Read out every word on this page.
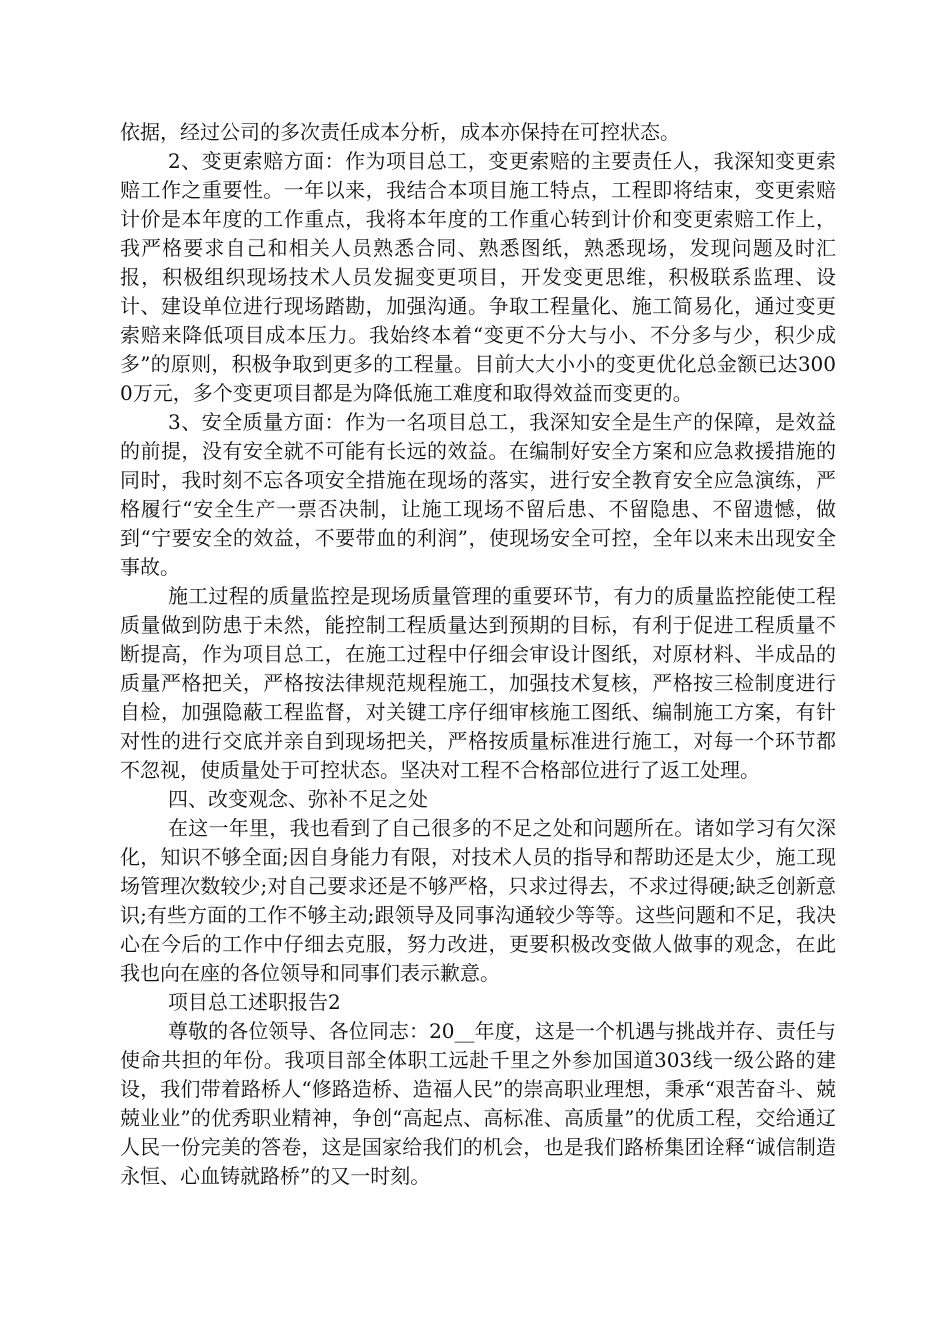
依据，经过公司的多次责任成本分析，成本亦保持在可控状态。

2、变更索赔方面：作为项目总工，变更索赔的主要责任人，我深知变更索赔工作之重要性。一年以来，我结合本项目施工特点，工程即将结束，变更索赔计价是本年度的工作重点，我将本年度的工作重心转到计价和变更索赔工作上，我严格要求自己和相关人员熟悉合同、熟悉图纸，熟悉现场，发现问题及时汇报，积极组织现场技术人员发掘变更项目，开发变更思维，积极联系监理、设计、建设单位进行现场踏勘，加强沟通。争取工程量化、施工简易化，通过变更索赔来降低项目成本压力。我始终本着“变更不分大与小、不分多与少，积少成多”的原则，积极争取到更多的工程量。目前大大小小的变更优化总金额已达3000万元，多个变更项目都是为降低施工难度和取得效益而变更的。

3、安全质量方面：作为一名项目总工，我深知安全是生产的保障，是效益的前提，没有安全就不可能有长远的效益。在编制好安全方案和应急救援措施的同时，我时刻不忘各项安全措施在现场的落实，进行安全教育安全应急演练，严格履行“安全生产一票否决制，让施工现场不留后患、不留隐患、不留遗憾，做到“宁要安全的效益，不要带血的利润”，使现场安全可控，全年以来未出现安全事故。

施工过程的质量监控是现场质量管理的重要环节，有力的质量监控能使工程质量做到防患于未然，能控制工程质量达到预期的目标，有利于促进工程质量不断提高，作为项目总工，在施工过程中仔细会审设计图纸，对原材料、半成品的质量严格把关，严格按法律规范规程施工，加强技术复核，严格按三检制度进行自检，加强隐蔽工程监督，对关键工序仔细审核施工图纸、编制施工方案，有针对性的进行交底并亲自到现场把关，严格按质量标准进行施工，对每一个环节都不忽视，使质量处于可控状态。坚决对工程不合格部位进行了返工处理。

四、改变观念、弥补不足之处

在这一年里，我也看到了自己很多的不足之处和问题所在。诸如学习有欠深化，知识不够全面;因自身能力有限，对技术人员的指导和帮助还是太少，施工现场管理次数较少;对自己要求还是不够严格，只求过得去，不求过得硬;缺乏创新意识;有些方面的工作不够主动;跟领导及同事沟通较少等等。这些问题和不足，我决心在今后的工作中仔细去克服，努力改进，更要积极改变做人做事的观念，在此我也向在座的各位领导和同事们表示歉意。

项目总工述职报告2

尊敬的各位领导、各位同志：20__年度，这是一个机遇与挑战并存、责任与使命共担的年份。我项目部全体职工远赴千里之外参加国道303线一级公路的建设，我们带着路桥人“修路造桥、造福人民”的崇高职业理想，秉承“艰苦奋斗、兢兢业业”的优秀职业精神，争创“高起点、高标准、高质量”的优质工程，交给通辽人民一份完美的答卷，这是国家给我们的机会，也是我们路桥集团诠释“诚信制造永恒、心血铸就路桥”的又一时刻。
